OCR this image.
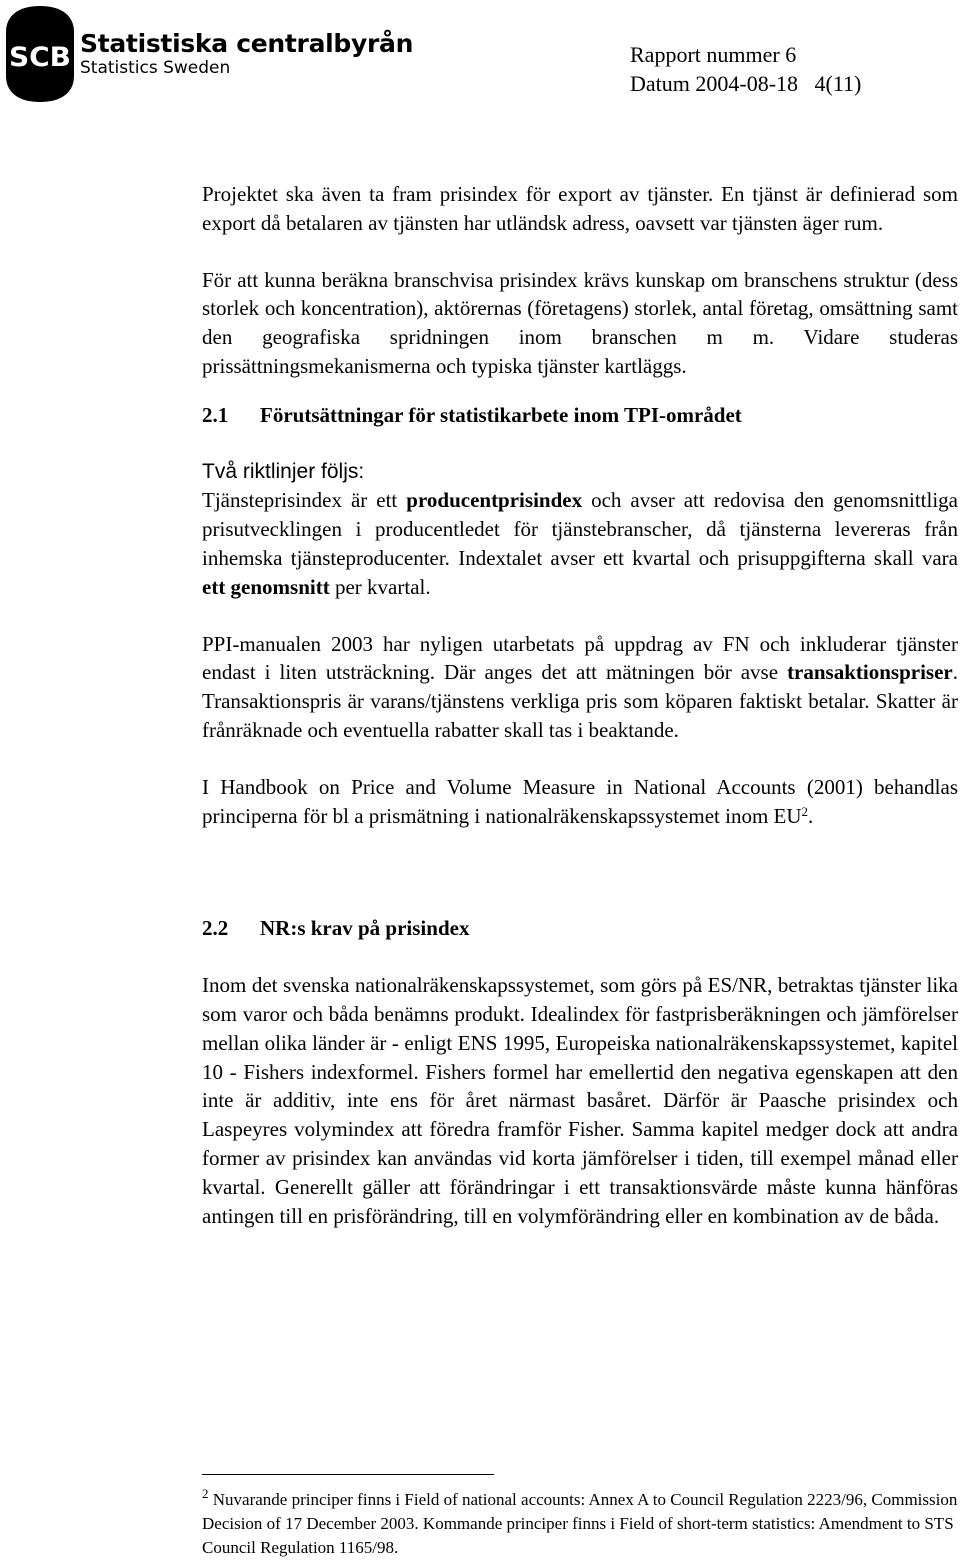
SCB Statistiska centralbyrån
Statistics Sweden
Rapport nummer 6
Datum 2004-08-18   4(11)

Projektet ska även ta fram prisindex för export av tjänster. En tjänst är definierad som export då betalaren av tjänsten har utländsk adress, oavsett var tjänsten äger rum.

För att kunna beräkna branschvisa prisindex krävs kunskap om branschens struktur (dess storlek och koncentration), aktörernas (företagens) storlek, antal företag, omsättning samt den geografiska spridningen inom branschen m m. Vidare studeras prissättningsmekanismerna och typiska tjänster kartläggs.

2.1	Förutsättningar för statistikarbete inom TPI-området

Två riktlinjer följs:

Tjänsteprisindex är ett producentprisindex och avser att redovisa den genomsnittliga prisutvecklingen i producentledet för tjänstebranscher, då tjänsterna levereras från inhemska tjänsteproducenter. Indextalet avser ett kvartal och prisuppgifterna skall vara ett genomsnitt per kvartal.

PPI-manualen 2003 har nyligen utarbetats på uppdrag av FN och inkluderar tjänster endast i liten utsträckning. Där anges det att mätningen bör avse transaktionspriser. Transaktionspris är varans/tjänstens verkliga pris som köparen faktiskt betalar. Skatter är frånräknade och eventuella rabatter skall tas i beaktande.

I Handbook on Price and Volume Measure in National Accounts (2001) behandlas principerna för bl a prismätning i nationalräkenskapssystemet inom $EU^2$.

2.2	NR:s krav på prisindex

Inom det svenska nationalräkenskapssystemet, som görs på ES/NR, betraktas tjänster lika som varor och båda benämns produkt. Idealindex för fastprisberäkningen och jämförelser mellan olika länder är - enligt ENS 1995, Europeiska nationalräkenskapssystemet, kapitel 10 - Fishers indexformel. Fishers formel har emellertid den negativa egenskapen att den inte är additiv, inte ens för året närmast basåret. Därför är Paasche prisindex och Laspeyres volymindex att föredra framför Fisher. Samma kapitel medger dock att andra former av prisindex kan användas vid korta jämförelser i tiden, till exempel månad eller kvartal. Generellt gäller att förändringar i ett transaktionsvärde måste kunna hänföras antingen till en prisförändring, till en volymförändring eller en kombination av de båda.

$^2$ Nuvarande principer finns i Field of national accounts: Annex A to Council Regulation 2223/96, Commission Decision of 17 December 2003. Kommande principer finns i Field of short-term statistics: Amendment to STS Council Regulation 1165/98.
